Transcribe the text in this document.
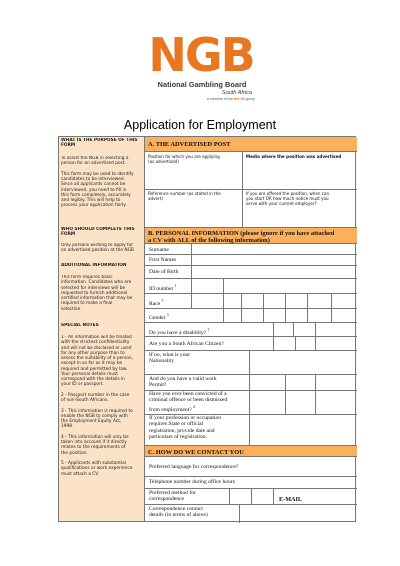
NGB
National Gambling Board
South Africa
a member of the the dti group
Application for Employment
WHAT IS THE PURPOSE OF THIS
FORM
To assist the NGB in selecting a
person for an advertised post.

This form may be used to identify
candidates to be interviewed.
Since all applicants cannot be
interviewed, you need to fill in
this form completely, accurately
and legibly. This will help to
process your application fairly.
WHO SHOULD COMPLETE THIS
FORM
Only persons wishing to apply for
an advertised position at the NGB
ADDITIONAL INFORMATION
This form requires basic
information. Candidates who are
selected for interviews will be
requested to furnish additional
certified information that may be
required to make a final
selection.
SPECIAL NOTES
1 - All information will be treated
with the strictest confidentiality
and will not be disclosed or used
for any other purpose than to
assess the suitability of a person,
except in so far as it may be
required and permitted by law.
Your personal details must
correspond with the details in
your ID or passport.

2 - Passport number in the case
of non-South Africans.

3 - This information is required to
enable the NGB to comply with
the Employment Equity Act,
1998.

4 - This information will only be
taken into account if it directly
relates to the requirements of
the position.

5 - Applicants with substantial
qualifications or work experience
must attach a CV.
A. THE ADVERTISED POST
Position for which you are applying
(as advertised)
Media where the position was advertised
Reference number (as stated in the
advert)
If you are offered the position, when can
you start OR how much notice must you
serve with your current employer?
B. PERSONAL INFORMATION (please ignore if you have attached
a CV with ALL of the following information)
Surname
First Names
Date of Birth
ID number $^1$
Race $^3$
Gender $^3$
Do you have a disability? $^3$
Are you a South African Citizen?
If no, what is your
Nationality
And do you have a valid work
Permit?
Have you ever been convicted of a
criminal offence or been dismissed
from employment? $^4$
If your profession or occupation
requires State or official
registration, provide date and
particulars of registration.
C. HOW DO WE CONTACT YOU
Preferred language for correspondence?
Telephone number during office hours
Preferred method for
correspondence	E-MAIL
Correspondence contact
details (in terms of above)
